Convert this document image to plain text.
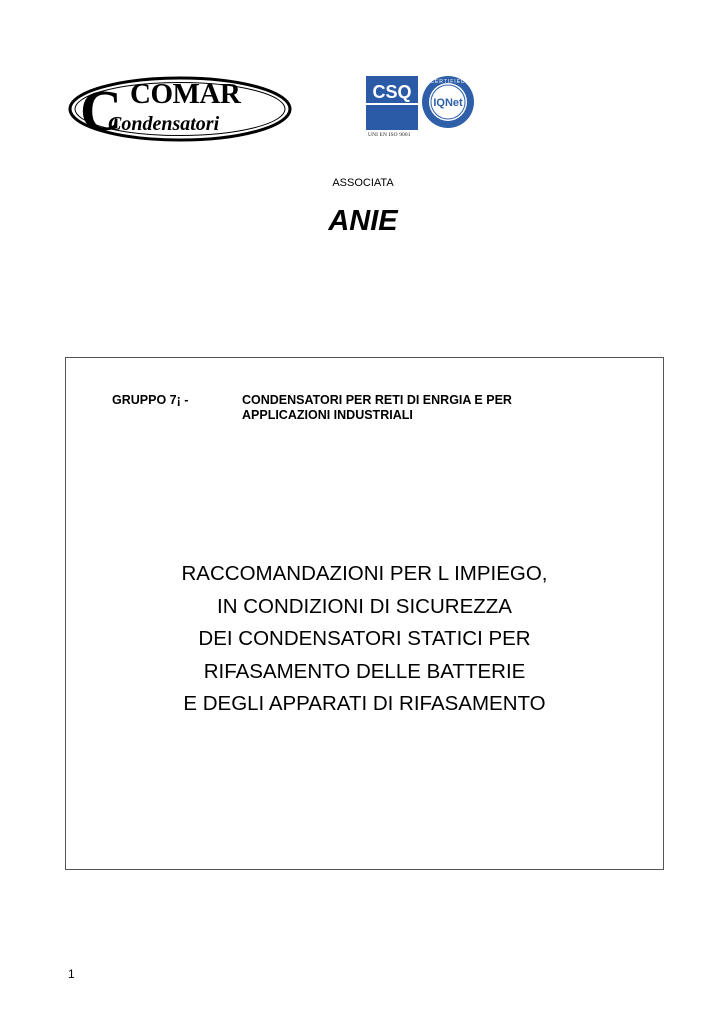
COMAR
Condensatori
C	CSQ
IQNet
CERTIFIED
UNI EN ISO 9001
ASSOCIATA
ANIE
GRUPPO 7¡ -	CONDENSATORI PER RETI DI ENRGIA E PER
APPLICAZIONI INDUSTRIALI
RACCOMANDAZIONI PER L IMPIEGO,
IN CONDIZIONI DI SICUREZZA
DEI CONDENSATORI STATICI PER
RIFASAMENTO DELLE BATTERIE
E DEGLI APPARATI DI RIFASAMENTO
1
